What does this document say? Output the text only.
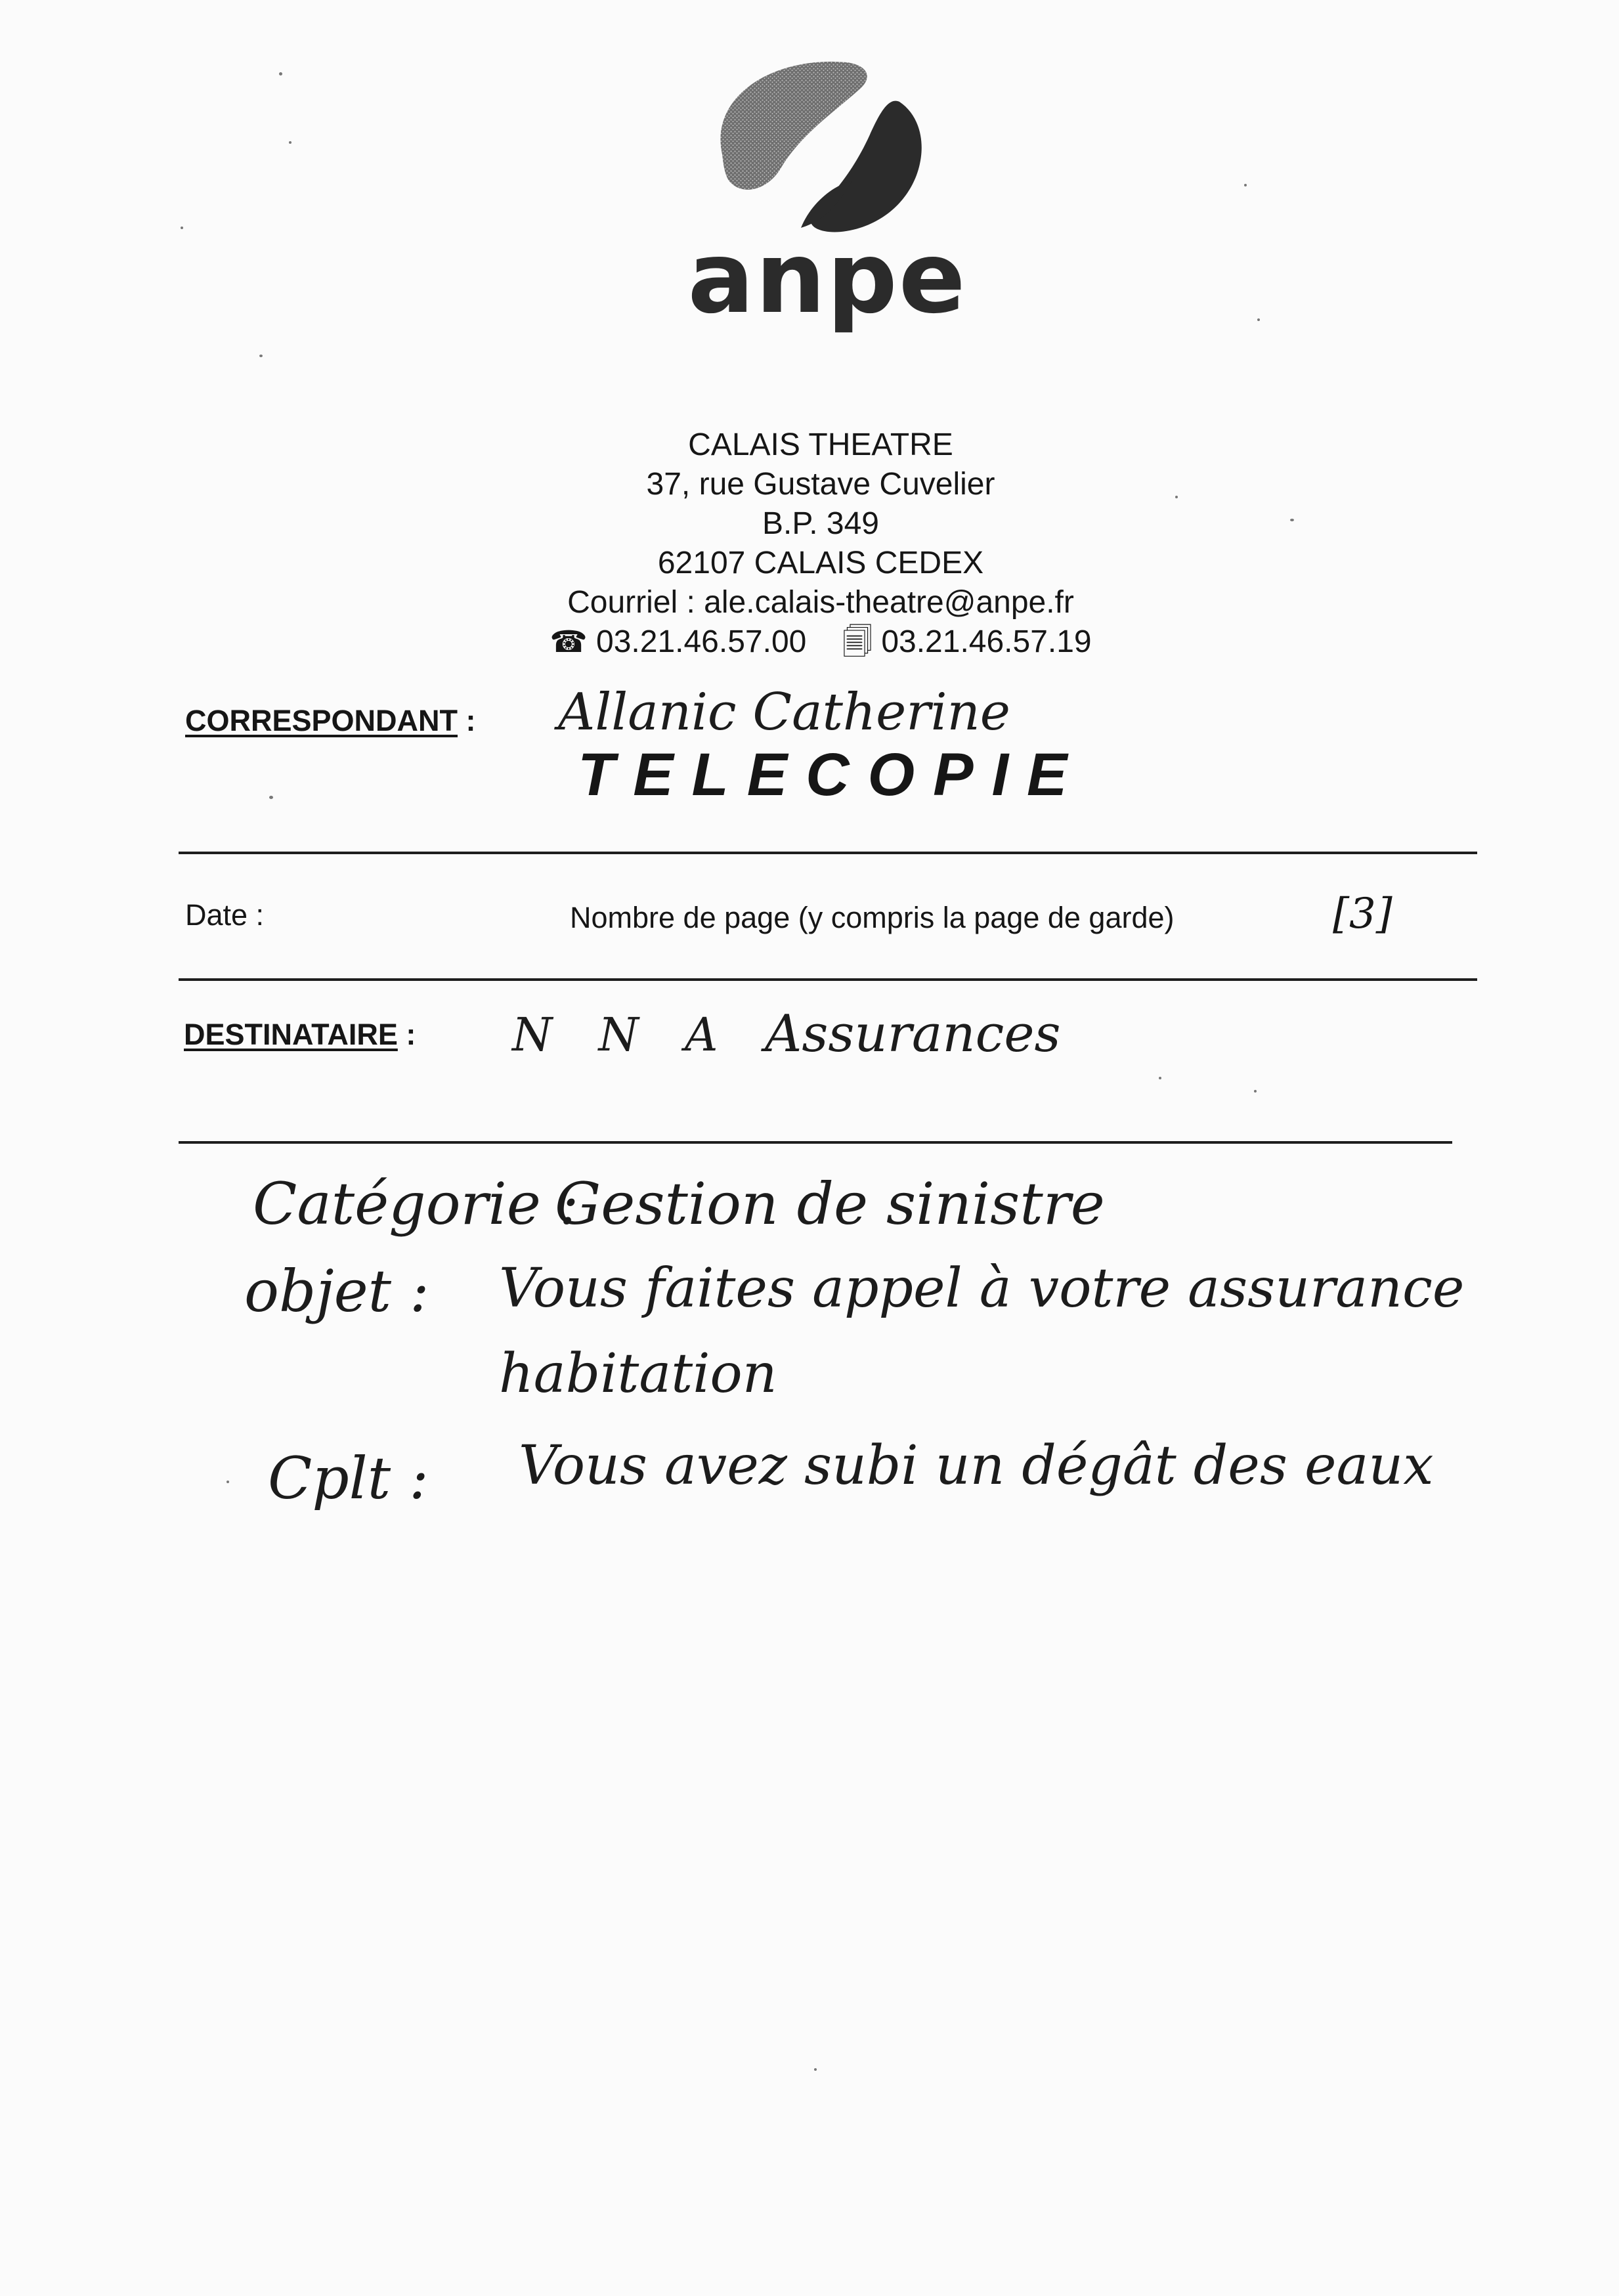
anpe
CALAIS THEATRE
37, rue Gustave Cuvelier
B.P. 349
62107 CALAIS CEDEX
Courriel : ale.calais-theatre@anpe.fr
☎ 03.21.46.57.00 🗐 03.21.46.57.19
CORRESPONDANT : Allanic Catherine
TELECOPIE
Date :	Nombre de page (y compris la page de garde)	[3]
DESTINATAIRE : N N A Assurances
Catégorie :
Gestion de sinistre
objet : Vous faites appel à votre assurance
habitation
Cplt : Vous avez subi un dégât des eaux
